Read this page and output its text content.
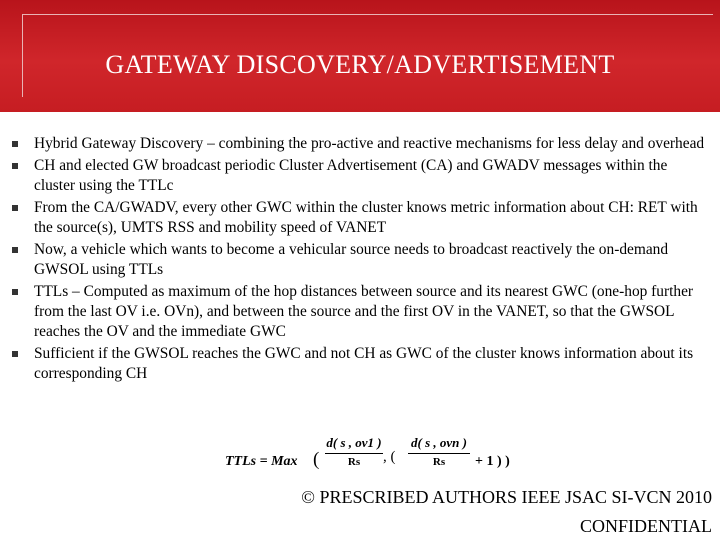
GATEWAY DISCOVERY/ADVERTISEMENT
Hybrid Gateway Discovery – combining the pro-active and reactive mechanisms for less delay and overhead
CH and elected GW broadcast periodic Cluster Advertisement (CA) and GWADV messages within the cluster using the TTLc
From the CA/GWADV, every other GWC within the cluster knows metric information about CH: RET with the source(s), UMTS RSS and mobility speed of VANET
Now, a vehicle which wants to become a vehicular source needs to broadcast reactively the on-demand GWSOL using TTLs
TTLs – Computed as maximum of the hop distances between source and its nearest GWC (one-hop further from the last OV i.e. OVn), and between the source and the first OV in the VANET, so that the GWSOL reaches the OV and the immediate GWC
Sufficient if the GWSOL reaches the GWC and not CH as GWC of the cluster knows information about its corresponding CH
TTLs = Max (
d( s , ov1 )
Rs	, (
d( s , ovn )
Rs	+ 1 ) )
© PRESCRIBED AUTHORS IEEE JSAC SI-VCN 2010
CONFIDENTIAL
